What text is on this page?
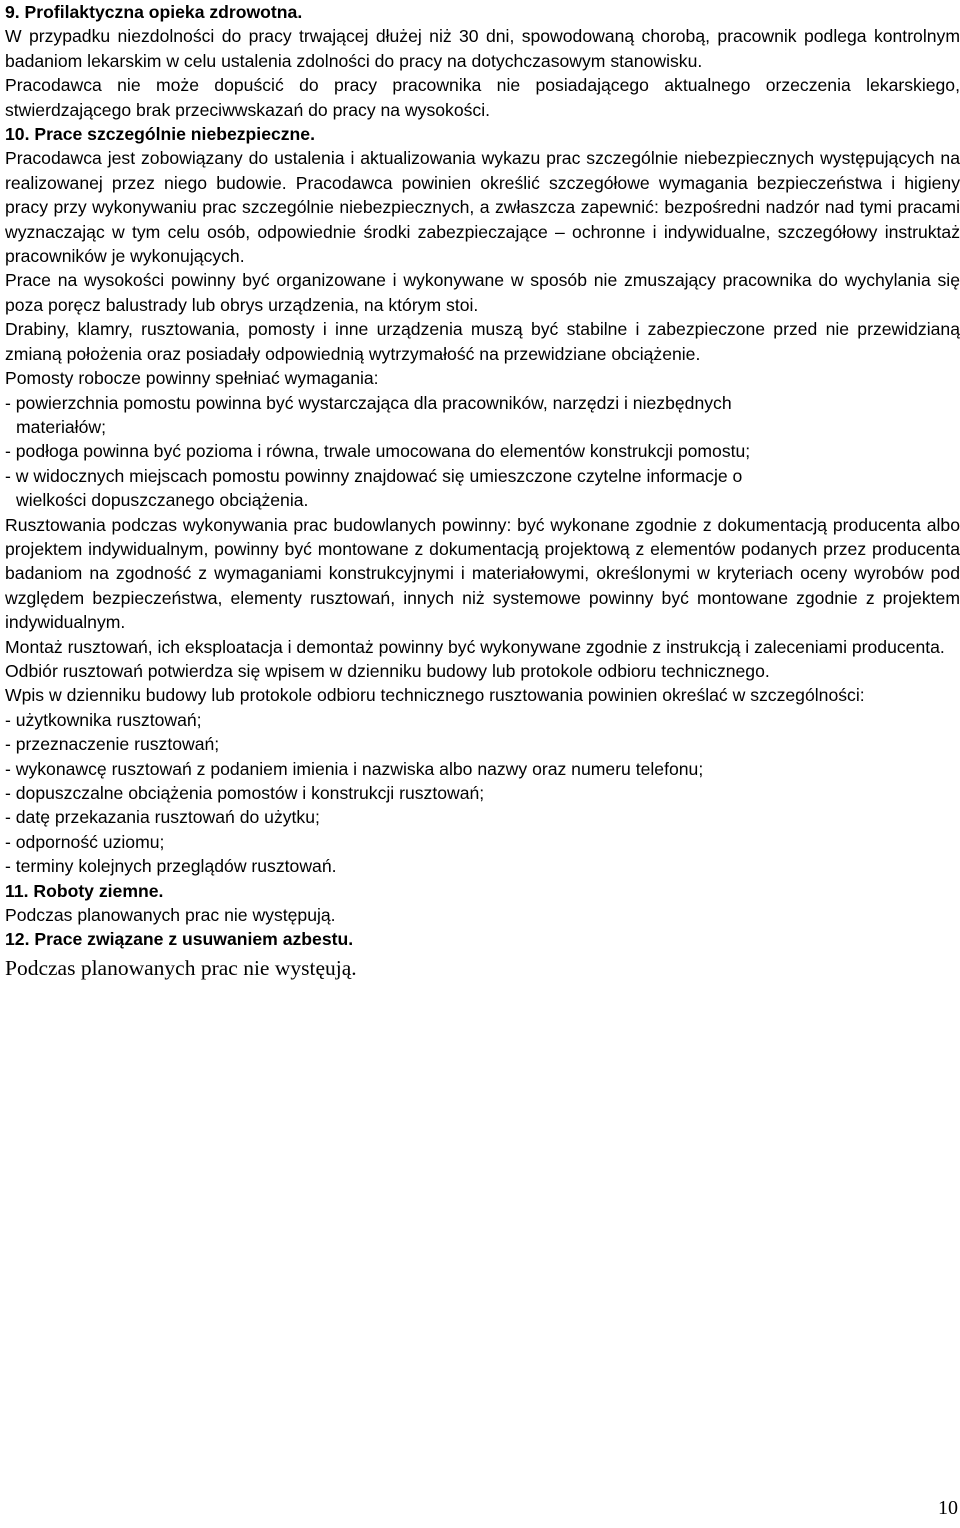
9. Profilaktyczna opieka zdrowotna.

W przypadku niezdolności do pracy trwającej dłużej niż 30 dni, spowodowaną chorobą, pracownik podlega kontrolnym badaniom lekarskim w celu ustalenia zdolności do pracy na dotychczasowym stanowisku.

Pracodawca nie może dopuścić do pracy pracownika nie posiadającego aktualnego orzeczenia lekarskiego, stwierdzającego brak przeciwwskazań do pracy na wysokości.

10. Prace szczególnie niebezpieczne.

Pracodawca jest zobowiązany do ustalenia i aktualizowania wykazu prac szczególnie niebezpiecznych występujących na realizowanej przez niego budowie. Pracodawca powinien określić szczegółowe wymagania bezpieczeństwa i higieny pracy przy wykonywaniu prac szczególnie niebezpiecznych, a zwłaszcza zapewnić: bezpośredni nadzór nad tymi pracami wyznaczając w tym celu osób, odpowiednie środki zabezpieczające – ochronne i indywidualne, szczegółowy instruktaż pracowników je wykonujących.

Prace na wysokości powinny być organizowane i wykonywane w sposób nie zmuszający pracownika do wychylania się poza poręcz balustrady lub obrys urządzenia, na którym stoi.

Drabiny, klamry, rusztowania, pomosty i inne urządzenia muszą być stabilne i zabezpieczone przed nie przewidzianą zmianą położenia oraz posiadały odpowiednią wytrzymałość na przewidziane obciążenie.

Pomosty robocze powinny spełniać wymagania:

- powierzchnia pomostu powinna być wystarczająca dla pracowników, narzędzi i niezbędnych materiałów;

- podłoga powinna być pozioma i równa, trwale umocowana do elementów konstrukcji pomostu;

- w widocznych miejscach pomostu powinny znajdować się umieszczone czytelne informacje o wielkości dopuszczanego obciążenia.

Rusztowania podczas wykonywania prac budowlanych powinny: być wykonane zgodnie z dokumentacją producenta albo projektem indywidualnym, powinny być montowane z dokumentacją projektową z elementów podanych przez producenta badaniom na zgodność z wymaganiami konstrukcyjnymi i materiałowymi, określonymi w kryteriach oceny wyrobów pod względem bezpieczeństwa, elementy rusztowań, innych niż systemowe powinny być montowane zgodnie z projektem indywidualnym.

Montaż rusztowań, ich eksploatacja i demontaż powinny być wykonywane zgodnie z instrukcją i zaleceniami producenta.

Odbiór rusztowań potwierdza się wpisem w dzienniku budowy lub protokole odbioru technicznego.

Wpis w dzienniku budowy lub protokole odbioru technicznego rusztowania powinien określać w szczególności:

- użytkownika rusztowań;

- przeznaczenie rusztowań;

- wykonawcę rusztowań z podaniem imienia i nazwiska albo nazwy oraz numeru telefonu;

- dopuszczalne obciążenia pomostów i konstrukcji rusztowań;

- datę przekazania rusztowań do użytku;

- odporność uziomu;

- terminy kolejnych przeglądów rusztowań.

11. Roboty ziemne.

Podczas planowanych prac nie występują.

12. Prace związane z usuwaniem azbestu.

Podczas planowanych prac nie wystęują.

10
